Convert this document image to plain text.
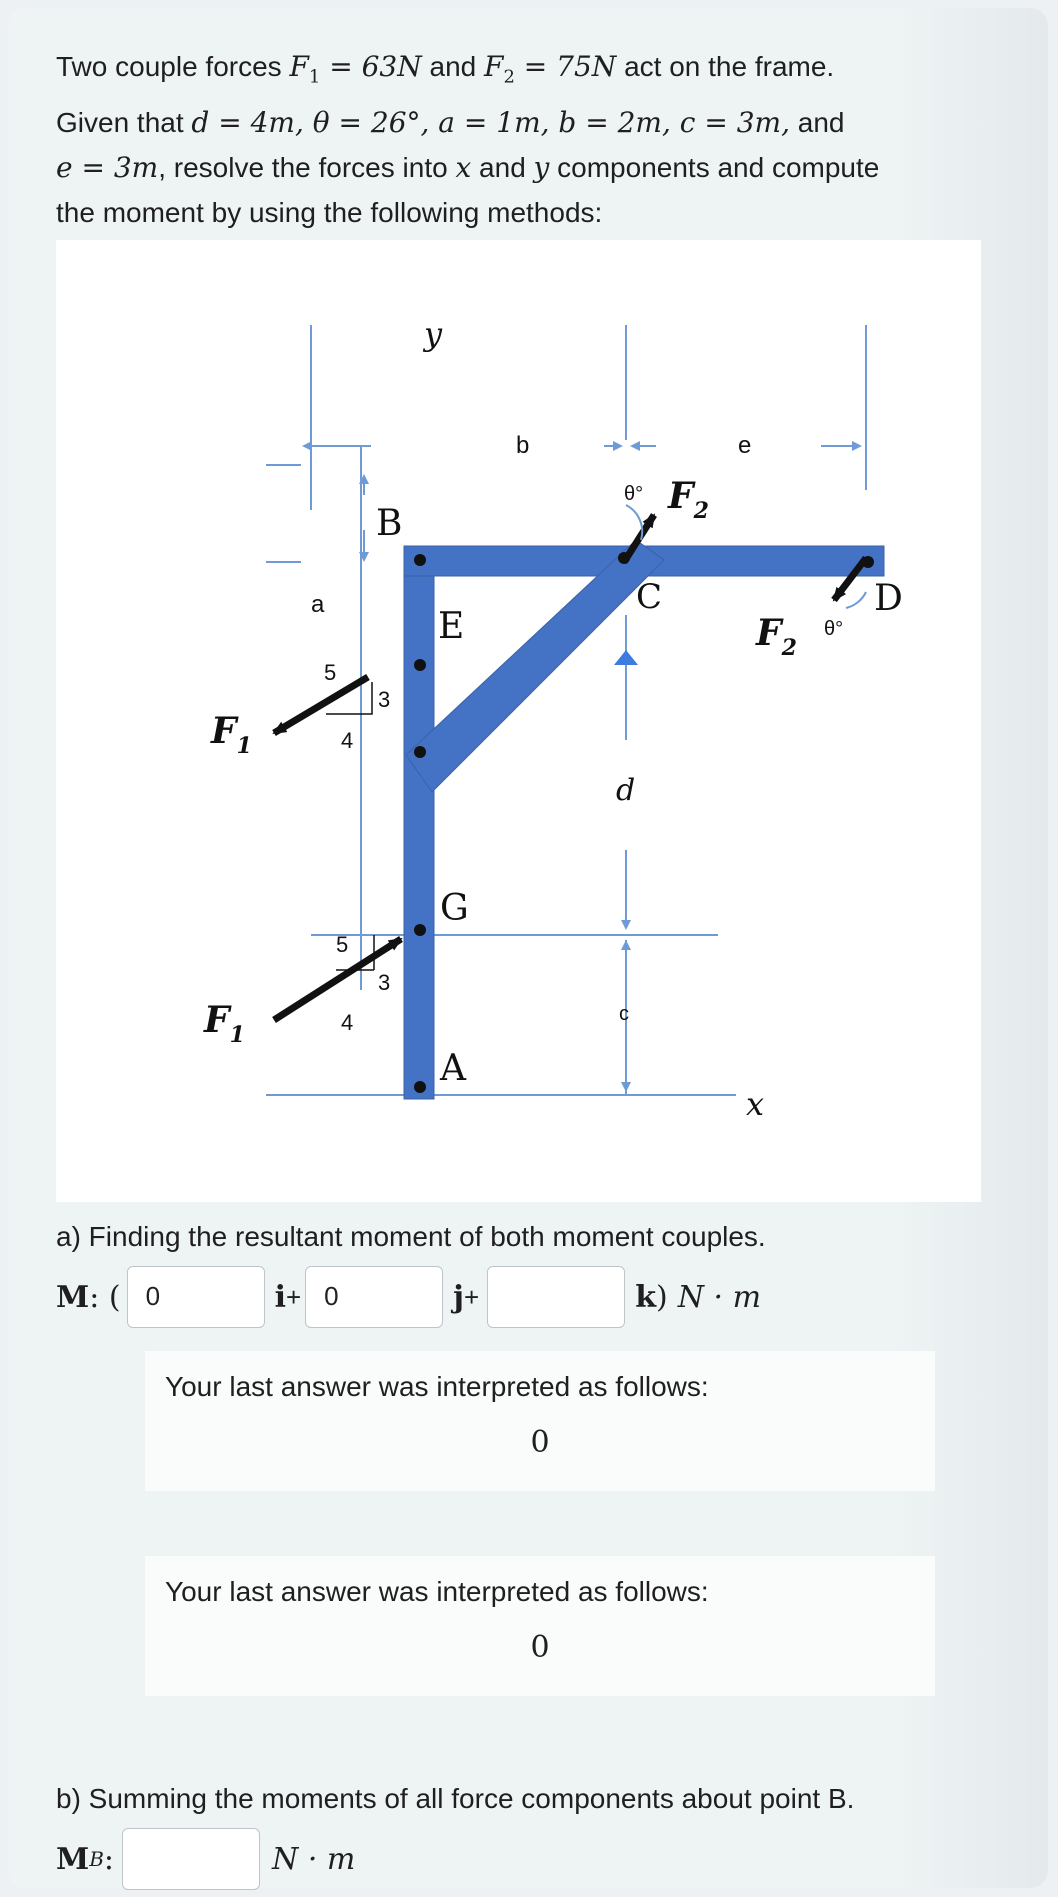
Two couple forces $F_1 = 63N$ and $F_2 = 75N$ act on the frame.
Given that d = 4m, θ = 26°, a = 1m, b = 2m, c = 3m, and
e = 3m, resolve the forces into x and y components and compute
the moment by using the following methods:
y
x
b	e
a
c
d
B
C	D
E
G
A
$F_1$
$F_1$
$F_2$
$F_2$
θ°
θ°
5
3
4
5
3
4
a) Finding the resultant moment of both moment couples.
M : ( 0	i + 0	j +	k ) N · m
Your last answer was interpreted as follows:
0
Your last answer was interpreted as follows:
0
b) Summing the moments of all force components about point B.
M B :	N · m
